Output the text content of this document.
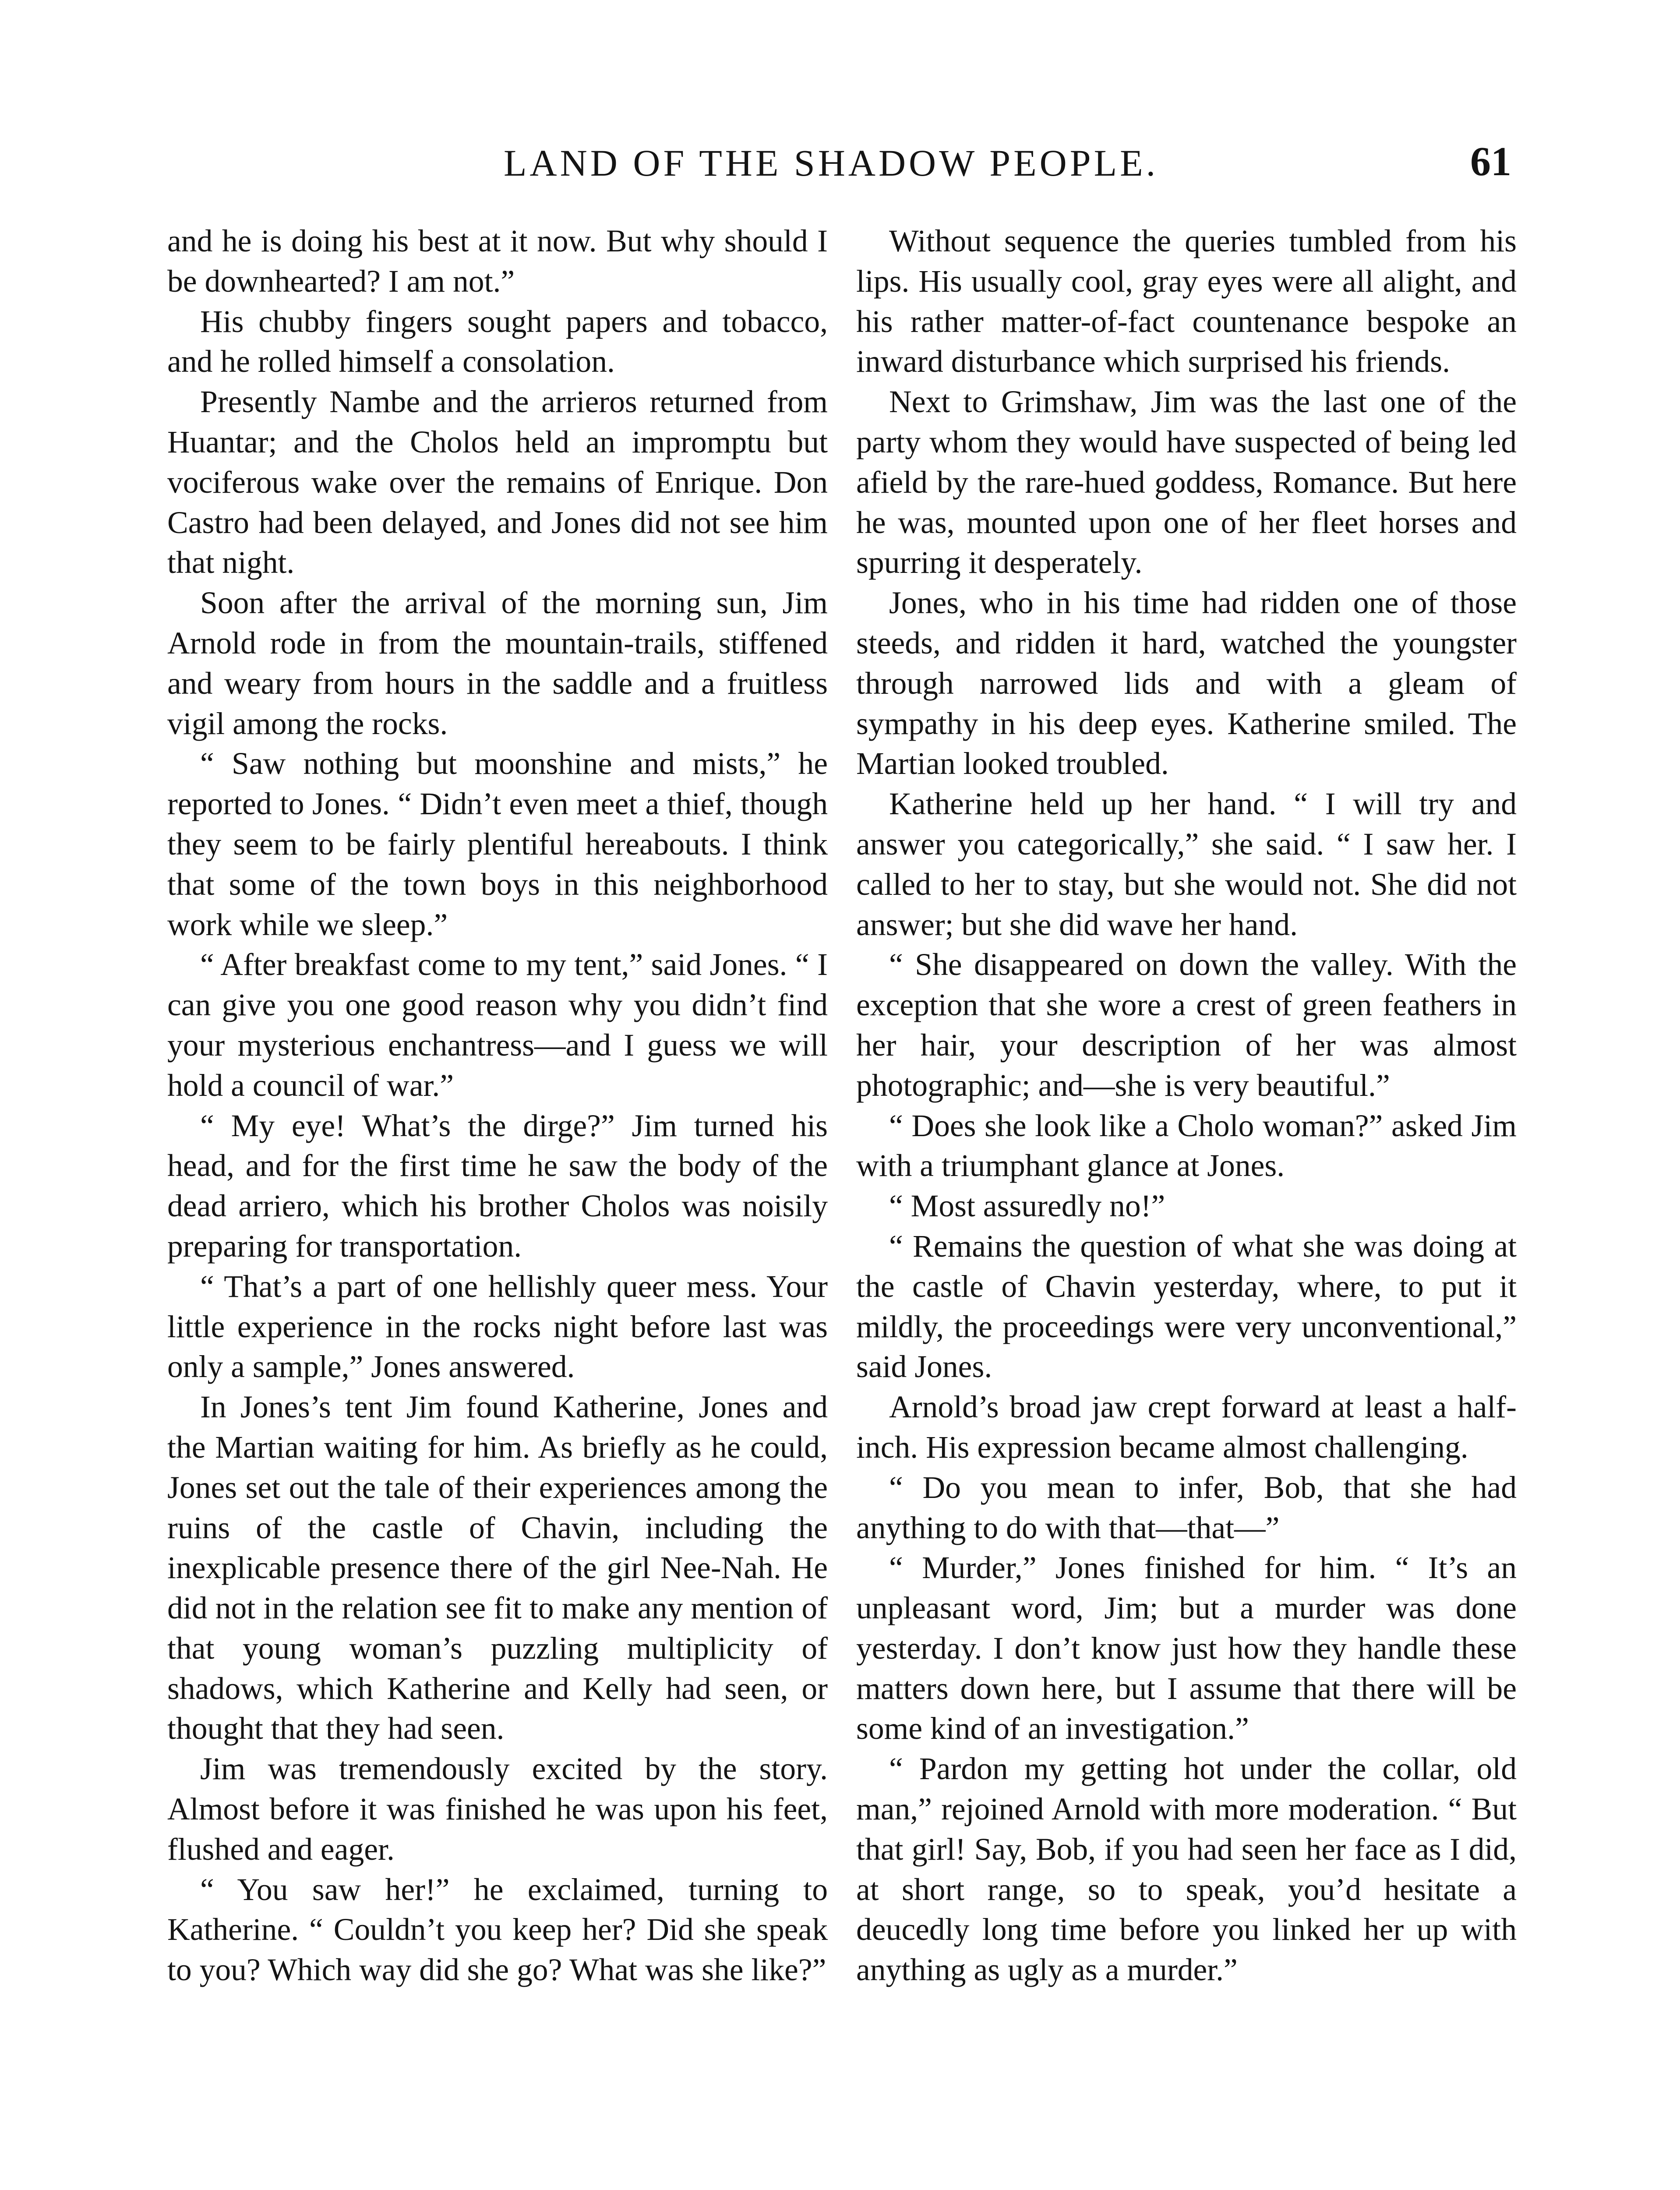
LAND OF THE SHADOW PEOPLE.	61

and he is doing his best at it now. But why should I be downhearted? I am not.”

His chubby fingers sought papers and tobacco, and he rolled himself a consolation.

Presently Nambe and the arrieros returned from Huantar; and the Cholos held an impromptu but vociferous wake over the remains of Enrique. Don Castro had been delayed, and Jones did not see him that night.

Soon after the arrival of the morning sun, Jim Arnold rode in from the mountain-trails, stiffened and weary from hours in the saddle and a fruitless vigil among the rocks.

“ Saw nothing but moonshine and mists,” he reported to Jones. “ Didn’t even meet a thief, though they seem to be fairly plentiful hereabouts. I think that some of the town boys in this neighborhood work while we sleep.”

“ After breakfast come to my tent,” said Jones. “ I can give you one good reason why you didn’t find your mysterious enchantress—and I guess we will hold a council of war.”

“ My eye! What’s the dirge?” Jim turned his head, and for the first time he saw the body of the dead arriero, which his brother Cholos was noisily preparing for transportation.

“ That’s a part of one hellishly queer mess. Your little experience in the rocks night before last was only a sample,” Jones answered.

In Jones’s tent Jim found Katherine, Jones and the Martian waiting for him. As briefly as he could, Jones set out the tale of their experiences among the ruins of the castle of Chavin, including the inexplicable presence there of the girl Nee-Nah. He did not in the relation see fit to make any mention of that young woman’s puzzling multiplicity of shadows, which Katherine and Kelly had seen, or thought that they had seen.

Jim was tremendously excited by the story. Almost before it was finished he was upon his feet, flushed and eager.

“ You saw her!” he exclaimed, turning to Katherine. “ Couldn’t you keep her? Did she speak to you? Which way did she go? What was she like?”

Without sequence the queries tumbled from his lips. His usually cool, gray eyes were all alight, and his rather matter-of-fact countenance bespoke an inward disturbance which surprised his friends.

Next to Grimshaw, Jim was the last one of the party whom they would have suspected of being led afield by the rare-hued goddess, Romance. But here he was, mounted upon one of her fleet horses and spurring it desperately.

Jones, who in his time had ridden one of those steeds, and ridden it hard, watched the youngster through narrowed lids and with a gleam of sympathy in his deep eyes. Katherine smiled. The Martian looked troubled.

Katherine held up her hand. “ I will try and answer you categorically,” she said. “ I saw her. I called to her to stay, but she would not. She did not answer; but she did wave her hand.

“ She disappeared on down the valley. With the exception that she wore a crest of green feathers in her hair, your description of her was almost photographic; and—she is very beautiful.”

“ Does she look like a Cholo woman?” asked Jim with a triumphant glance at Jones.

“ Most assuredly no!”

“ Remains the question of what she was doing at the castle of Chavin yesterday, where, to put it mildly, the proceedings were very unconventional,” said Jones.

Arnold’s broad jaw crept forward at least a half-inch. His expression became almost challenging.

“ Do you mean to infer, Bob, that she had anything to do with that—that—”

“ Murder,” Jones finished for him. “ It’s an unpleasant word, Jim; but a murder was done yesterday. I don’t know just how they handle these matters down here, but I assume that there will be some kind of an investigation.”

“ Pardon my getting hot under the collar, old man,” rejoined Arnold with more moderation. “ But that girl! Say, Bob, if you had seen her face as I did, at short range, so to speak, you’d hesitate a deucedly long time before you linked her up with anything as ugly as a murder.”
